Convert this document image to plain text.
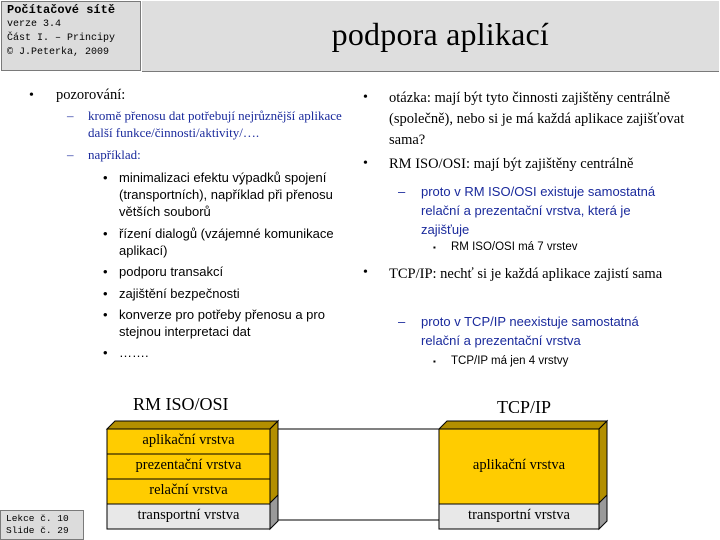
Počítačové sítě
verze 3.4
Část I. – Principy
© J.Peterka, 2009
podpora aplikací
• pozorování:
– kromě přenosu dat potřebují nejrůznější aplikace další funkce/činnosti/aktivity/….
– například:
• minimalizaci efektu výpadků spojení (transportních), například při přenosu větších souborů
• řízení dialogů (vzájemné komunikace aplikací)
• podporu transakcí
• zajištění bezpečnosti
• konverze pro potřeby přenosu a pro stejnou interpretaci dat
• …….
• otázka: mají být tyto činnosti zajištěny centrálně (společně), nebo si je má každá aplikace zajišťovat sama?
• RM ISO/OSI: mají být zajištěny centrálně
– proto v RM ISO/OSI existuje samostatná relační a prezentační vrstva, která je zajišťuje
▪ RM ISO/OSI má 7 vrstev
• TCP/IP: nechť si je každá aplikace zajistí sama
– proto v TCP/IP neexistuje samostatná relační a prezentační vrstva
▪ TCP/IP má jen 4 vrstvy
RM ISO/OSI	TCP/IP
aplikační vrstva
prezentační vrstva
relační vrstva
transportní vrstva
aplikační vrstva
transportní vrstva
Lekce č. 10
Slide č. 29
